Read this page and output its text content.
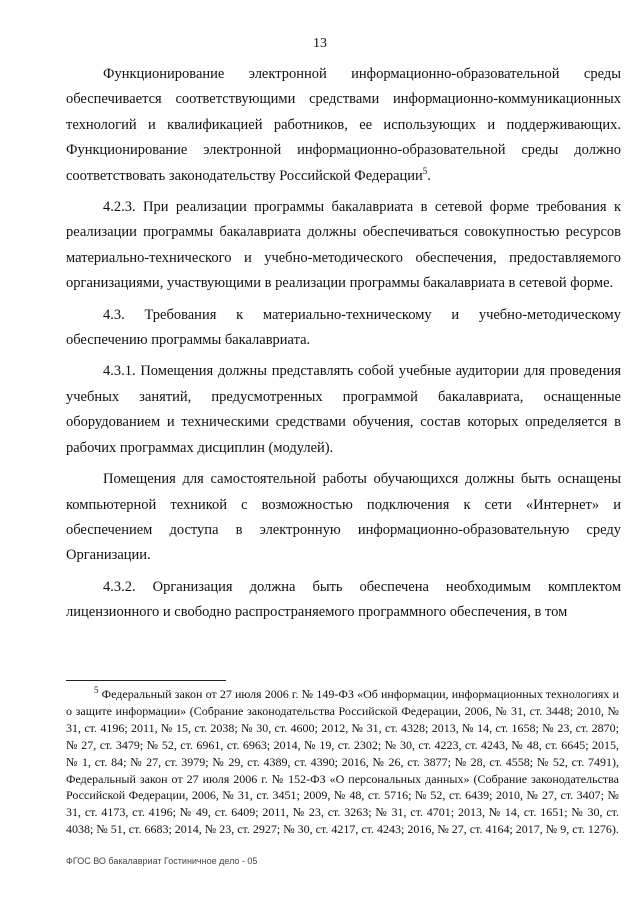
13

Функционирование электронной информационно-образовательной среды обеспечивается соответствующими средствами информационно-коммуникационных технологий и квалификацией работников, ее использующих и поддерживающих. Функционирование электронной информационно-образовательной среды должно соответствовать законодательству Российской Федерации$^5$.

4.2.3. При реализации программы бакалавриата в сетевой форме требования к реализации программы бакалавриата должны обеспечиваться совокупностью ресурсов материально-технического и учебно-методического обеспечения, предоставляемого организациями, участвующими в реализации программы бакалавриата в сетевой форме.

4.3. Требования к материально-техническому и учебно-методическому обеспечению программы бакалавриата.

4.3.1. Помещения должны представлять собой учебные аудитории для проведения учебных занятий, предусмотренных программой бакалавриата, оснащенные оборудованием и техническими средствами обучения, состав которых определяется в рабочих программах дисциплин (модулей).

Помещения для самостоятельной работы обучающихся должны быть оснащены компьютерной техникой с возможностью подключения к сети «Интернет» и обеспечением доступа в электронную информационно-образовательную среду Организации.

4.3.2. Организация должна быть обеспечена необходимым комплектом лицензионного и свободно распространяемого программного обеспечения, в том

$^5$ Федеральный закон от 27 июля 2006 г. № 149-ФЗ «Об информации, информационных технологиях и о защите информации» (Собрание законодательства Российской Федерации, 2006, № 31, ст. 3448; 2010, № 31, ст. 4196; 2011, № 15, ст. 2038; № 30, ст. 4600; 2012, № 31, ст. 4328; 2013, № 14, ст. 1658; № 23, ст. 2870; № 27, ст. 3479; № 52, ст. 6961, ст. 6963; 2014, № 19, ст. 2302; № 30, ст. 4223, ст. 4243, № 48, ст. 6645; 2015, № 1, ст. 84; № 27, ст. 3979; № 29, ст. 4389, ст. 4390; 2016, № 26, ст. 3877; № 28, ст. 4558; № 52, ст. 7491), Федеральный закон от 27 июля 2006 г. № 152-ФЗ «О персональных данных» (Собрание законодательства Российской Федерации, 2006, № 31, ст. 3451; 2009, № 48, ст. 5716; № 52, ст. 6439; 2010, № 27, ст. 3407; № 31, ст. 4173, ст. 4196; № 49, ст. 6409; 2011, № 23, ст. 3263; № 31, ст. 4701; 2013, № 14, ст. 1651; № 30, ст. 4038; № 51, ст. 6683; 2014, № 23, ст. 2927; № 30, ст. 4217, ст. 4243; 2016, № 27, ст. 4164; 2017, № 9, ст. 1276).

ФГОС ВО бакалавриат Гостиничное дело - 05
